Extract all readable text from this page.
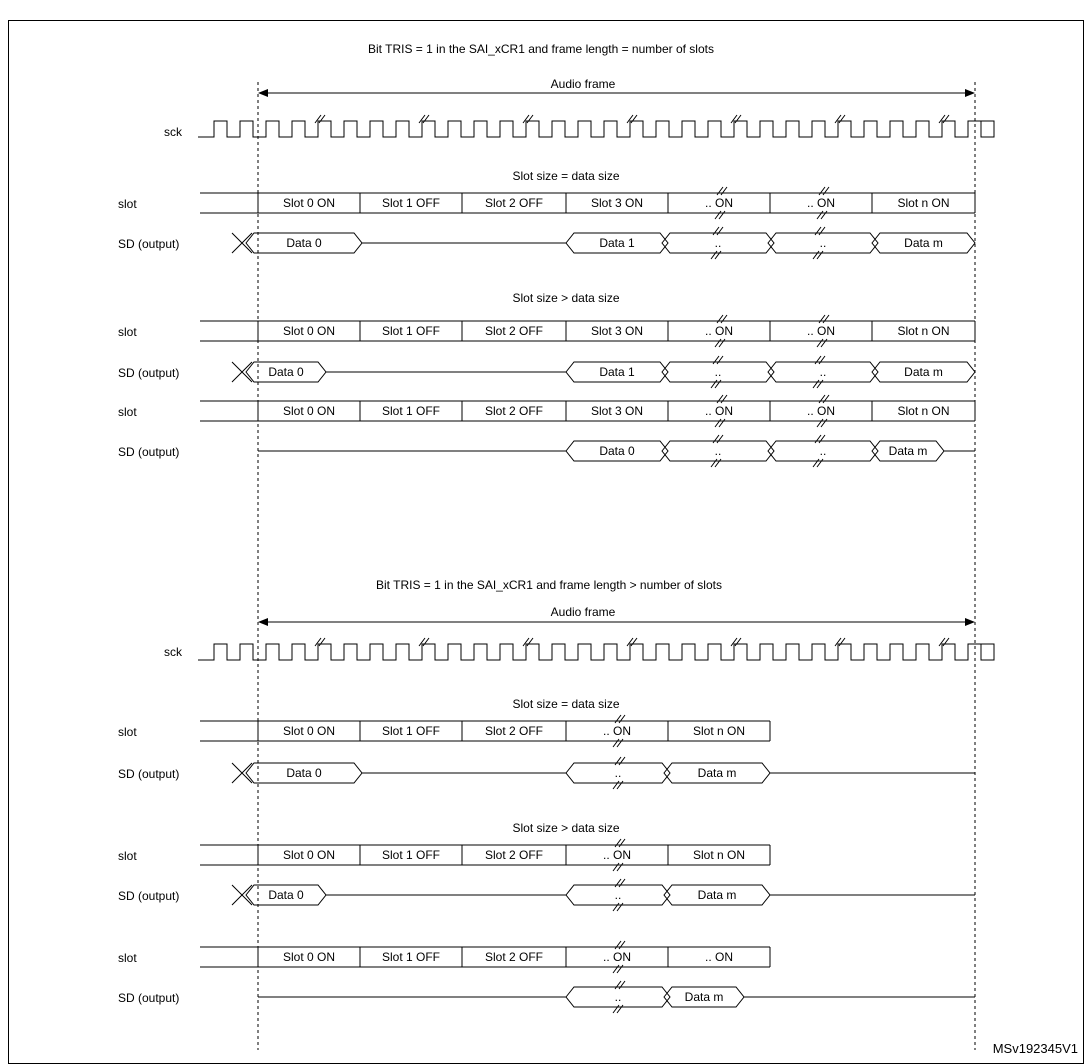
MSv192345V1
Bit TRIS = 1 in the SAI_xCR1 and frame length = number of slots
Audio frame
Bit TRIS = 1 in the SAI_xCR1 and frame length > number of slots
Audio frame
sck
Slot size = data size
slot
SD (output)
Slot size > data size
slot
SD (output)
slot
SD (output)
sck
Slot size = data size
slot
SD (output)
Slot size > data size
slot
SD (output)
slot
SD (output)
Slot 0 ON	Slot 1 OFF	Slot 2 OFF	Slot 3 ON	.. ON	.. ON	Slot n ON
Data 0	Data 1	..	..	Data m
Slot 0 ON	Slot 1 OFF	Slot 2 OFF	Slot 3 ON	.. ON	.. ON	Slot n ON
Data 0	Data 1	..	..	Data m
Slot 0 ON	Slot 1 OFF	Slot 2 OFF	Slot 3 ON	.. ON	.. ON	Slot n ON
Data 0	..	..	Data m
Slot 0 ON	Slot 1 OFF	Slot 2 OFF	.. ON	Slot n ON
Data 0	..	Data m
Slot 0 ON	Slot 1 OFF	Slot 2 OFF	.. ON	Slot n ON
Data 0	..	Data m
Slot 0 ON	Slot 1 OFF	Slot 2 OFF	.. ON	.. ON
..	Data m
